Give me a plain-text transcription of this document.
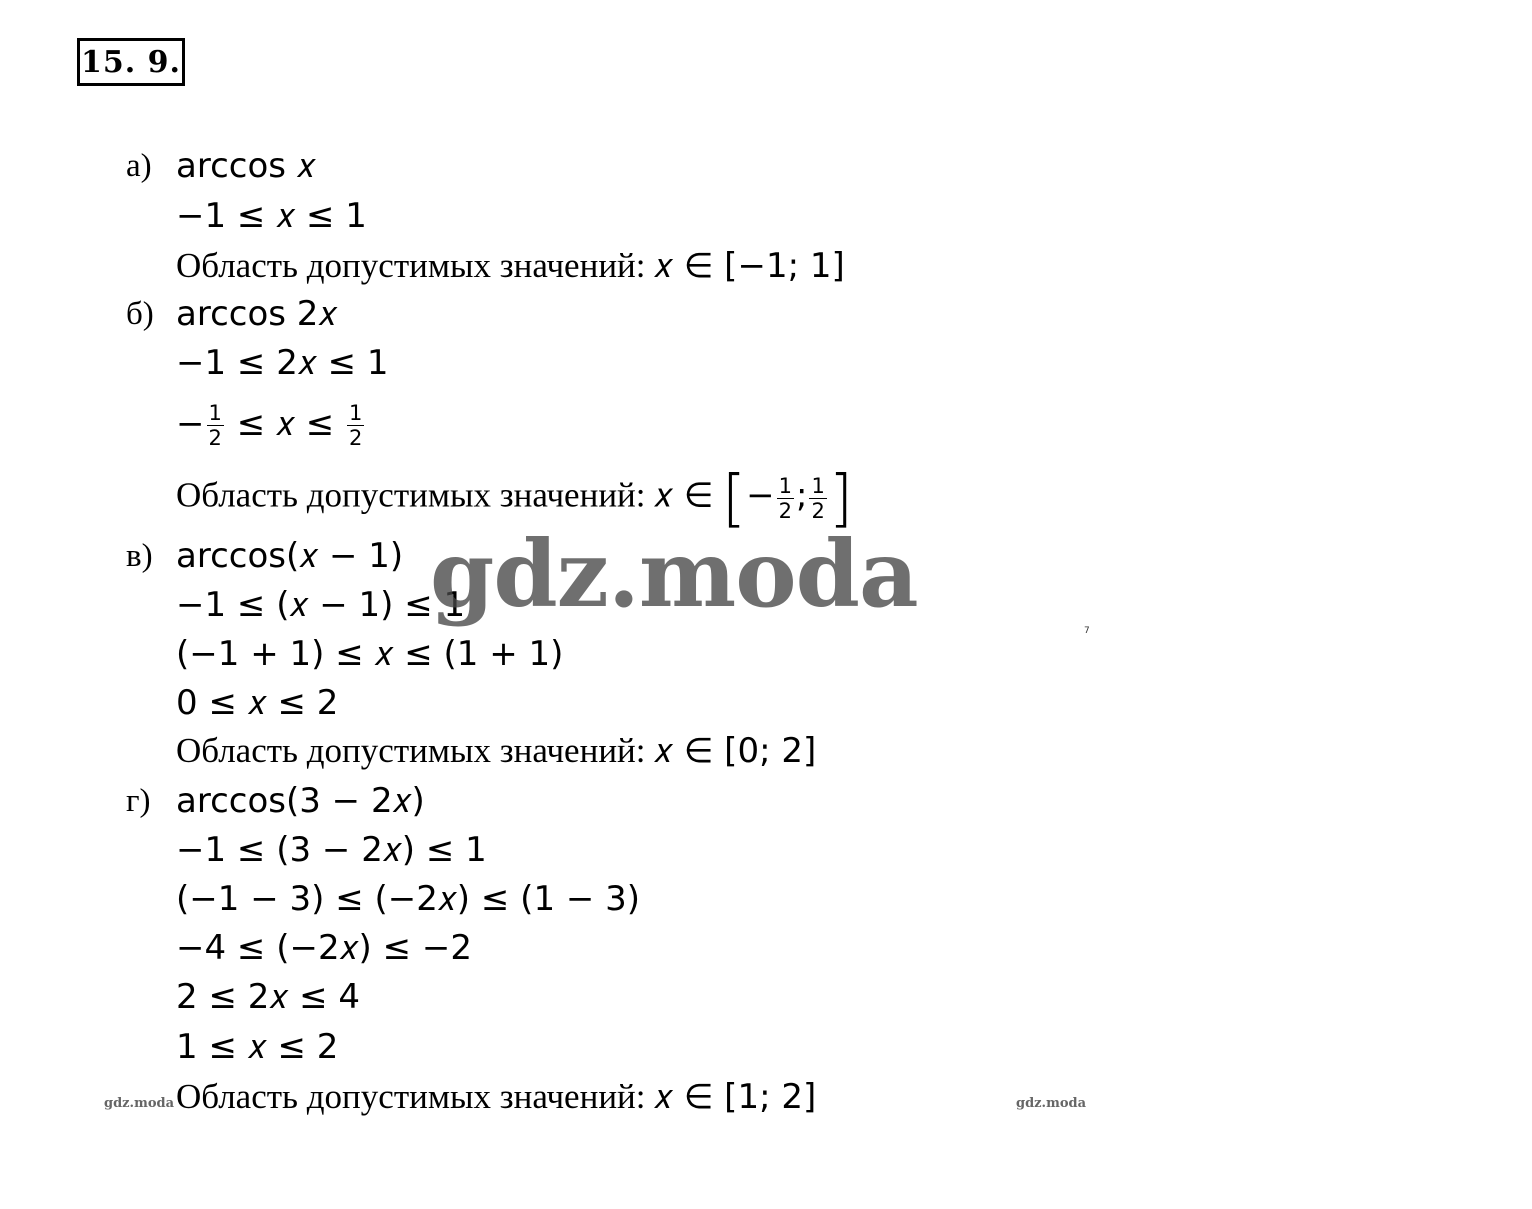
15. 9.
а) arccos 𝑥
−1 ≤ 𝑥 ≤ 1
Область допустимых значений: 𝑥 ∈ [−1; 1]
б) arccos 2𝑥
−1 ≤ 2𝑥 ≤ 1
− $\frac{1}{2}$ ≤ 𝑥 ≤ $\frac{1}{2}$
Область допустимых значений: 𝑥 ∈ [− $\frac{1}{2}$ ; $\frac{1}{2}$ ]
в) arccos(𝑥 − 1)
−1 ≤ (𝑥 − 1) ≤ 1
(−1 + 1) ≤ 𝑥 ≤ (1 + 1)
0 ≤ 𝑥 ≤ 2
Область допустимых значений: 𝑥 ∈ [0; 2]
г) arccos(3 − 2𝑥)
−1 ≤ (3 − 2𝑥) ≤ 1
(−1 − 3) ≤ (−2𝑥) ≤ (1 − 3)
−4 ≤ (−2𝑥) ≤ −2
2 ≤ 2𝑥 ≤ 4
1 ≤ 𝑥 ≤ 2
Область допустимых значений: 𝑥 ∈ [1; 2]
gdz.moda
gdz.moda	gdz.moda
7
